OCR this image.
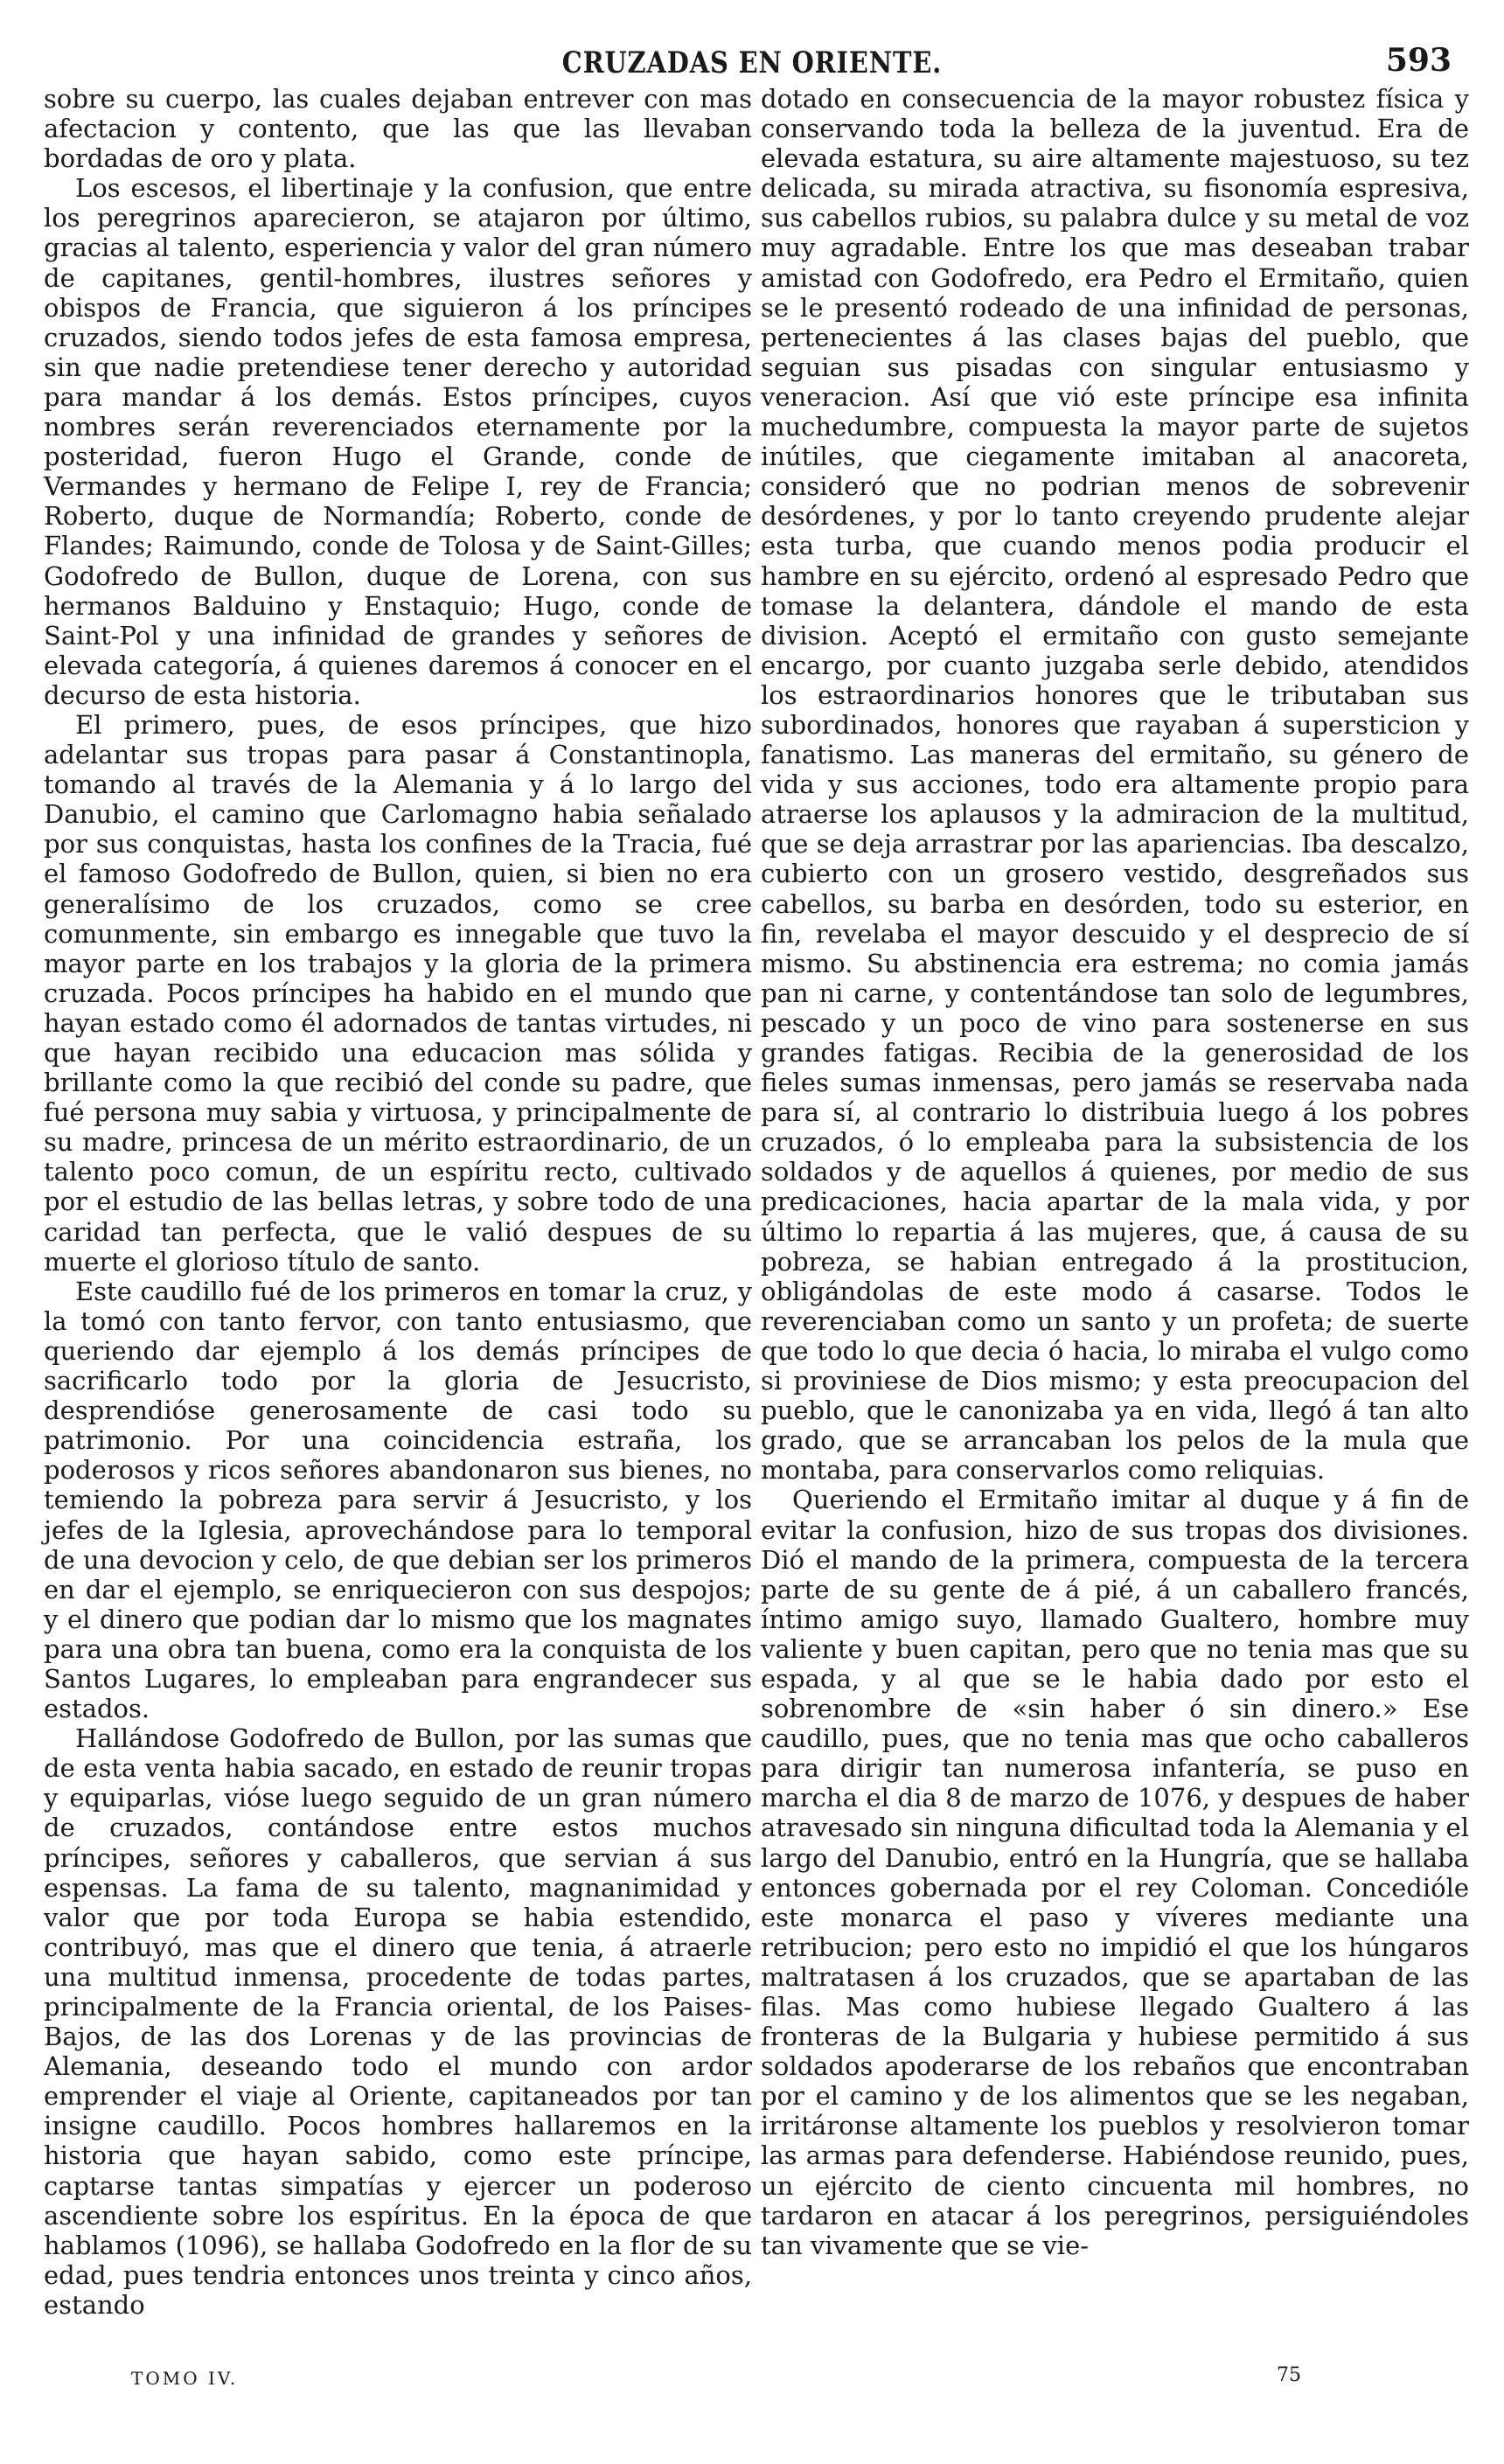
CRUZADAS EN ORIENTE.	593

sobre su cuerpo, las cuales dejaban entrever con mas afectacion y contento, que las que las llevaban bordadas de oro y plata.

Los escesos, el libertinaje y la confusion, que entre los peregrinos aparecieron, se atajaron por último, gracias al talento, esperiencia y valor del gran número de capitanes, gentil-hombres, ilustres señores y obispos de Francia, que siguieron á los príncipes cruzados, siendo todos jefes de esta famosa empresa, sin que nadie pretendiese tener derecho y autoridad para mandar á los demás. Estos príncipes, cuyos nombres serán reverenciados eternamente por la posteridad, fueron Hugo el Grande, conde de Vermandes y hermano de Felipe I, rey de Francia; Roberto, duque de Normandía; Roberto, conde de Flandes; Raimundo, conde de Tolosa y de Saint-Gilles; Godofredo de Bullon, duque de Lorena, con sus hermanos Balduino y Enstaquio; Hugo, conde de Saint-Pol y una infinidad de grandes y señores de elevada categoría, á quienes daremos á conocer en el decurso de esta historia.

El primero, pues, de esos príncipes, que hizo adelantar sus tropas para pasar á Constantinopla, tomando al través de la Alemania y á lo largo del Danubio, el camino que Carlomagno habia señalado por sus conquistas, hasta los confines de la Tracia, fué el famoso Godofredo de Bullon, quien, si bien no era generalísimo de los cruzados, como se cree comunmente, sin embargo es innegable que tuvo la mayor parte en los trabajos y la gloria de la primera cruzada. Pocos príncipes ha habido en el mundo que hayan estado como él adornados de tantas virtudes, ni que hayan recibido una educacion mas sólida y brillante como la que recibió del conde su padre, que fué persona muy sabia y virtuosa, y principalmente de su madre, princesa de un mérito estraordinario, de un talento poco comun, de un espíritu recto, cultivado por el estudio de las bellas letras, y sobre todo de una caridad tan perfecta, que le valió despues de su muerte el glorioso título de santo.

Este caudillo fué de los primeros en tomar la cruz, y la tomó con tanto fervor, con tanto entusiasmo, que queriendo dar ejemplo á los demás príncipes de sacrificarlo todo por la gloria de Jesucristo, desprendióse generosamente de casi todo su patrimonio. Por una coincidencia estraña, los poderosos y ricos señores abandonaron sus bienes, no temiendo la pobreza para servir á Jesucristo, y los jefes de la Iglesia, aprovechándose para lo temporal de una devocion y celo, de que debian ser los primeros en dar el ejemplo, se enriquecieron con sus despojos; y el dinero que podian dar lo mismo que los magnates para una obra tan buena, como era la conquista de los Santos Lugares, lo empleaban para engrandecer sus estados.

Hallándose Godofredo de Bullon, por las sumas que de esta venta habia sacado, en estado de reunir tropas y equiparlas, vióse luego seguido de un gran número de cruzados, contándose entre estos muchos príncipes, señores y caballeros, que servian á sus espensas. La fama de su talento, magnanimidad y valor que por toda Europa se habia estendido, contribuyó, mas que el dinero que tenia, á atraerle una multitud inmensa, procedente de todas partes, principalmente de la Francia oriental, de los Paises-Bajos, de las dos Lorenas y de las provincias de Alemania, deseando todo el mundo con ardor emprender el viaje al Oriente, capitaneados por tan insigne caudillo. Pocos hombres hallaremos en la historia que hayan sabido, como este príncipe, captarse tantas simpatías y ejercer un poderoso ascendiente sobre los espíritus. En la época de que hablamos (1096), se hallaba Godofredo en la flor de su edad, pues tendria entonces unos treinta y cinco años, estando

dotado en consecuencia de la mayor robustez física y conservando toda la belleza de la juventud. Era de elevada estatura, su aire altamente majestuoso, su tez delicada, su mirada atractiva, su fisonomía espresiva, sus cabellos rubios, su palabra dulce y su metal de voz muy agradable. Entre los que mas deseaban trabar amistad con Godofredo, era Pedro el Ermitaño, quien se le presentó rodeado de una infinidad de personas, pertenecientes á las clases bajas del pueblo, que seguian sus pisadas con singular entusiasmo y veneracion. Así que vió este príncipe esa infinita muchedumbre, compuesta la mayor parte de sujetos inútiles, que ciegamente imitaban al anacoreta, consideró que no podrian menos de sobrevenir desórdenes, y por lo tanto creyendo prudente alejar esta turba, que cuando menos podia producir el hambre en su ejército, ordenó al espresado Pedro que tomase la delantera, dándole el mando de esta division. Aceptó el ermitaño con gusto semejante encargo, por cuanto juzgaba serle debido, atendidos los estraordinarios honores que le tributaban sus subordinados, honores que rayaban á supersticion y fanatismo. Las maneras del ermitaño, su género de vida y sus acciones, todo era altamente propio para atraerse los aplausos y la admiracion de la multitud, que se deja arrastrar por las apariencias. Iba descalzo, cubierto con un grosero vestido, desgreñados sus cabellos, su barba en desórden, todo su esterior, en fin, revelaba el mayor descuido y el desprecio de sí mismo. Su abstinencia era estrema; no comia jamás pan ni carne, y contentándose tan solo de legumbres, pescado y un poco de vino para sostenerse en sus grandes fatigas. Recibia de la generosidad de los fieles sumas inmensas, pero jamás se reservaba nada para sí, al contrario lo distribuia luego á los pobres cruzados, ó lo empleaba para la subsistencia de los soldados y de aquellos á quienes, por medio de sus predicaciones, hacia apartar de la mala vida, y por último lo repartia á las mujeres, que, á causa de su pobreza, se habian entregado á la prostitucion, obligándolas de este modo á casarse. Todos le reverenciaban como un santo y un profeta; de suerte que todo lo que decia ó hacia, lo miraba el vulgo como si proviniese de Dios mismo; y esta preocupacion del pueblo, que le canonizaba ya en vida, llegó á tan alto grado, que se arrancaban los pelos de la mula que montaba, para conservarlos como reliquias.

Queriendo el Ermitaño imitar al duque y á fin de evitar la confusion, hizo de sus tropas dos divisiones. Dió el mando de la primera, compuesta de la tercera parte de su gente de á pié, á un caballero francés, íntimo amigo suyo, llamado Gualtero, hombre muy valiente y buen capitan, pero que no tenia mas que su espada, y al que se le habia dado por esto el sobrenombre de «sin haber ó sin dinero.» Ese caudillo, pues, que no tenia mas que ocho caballeros para dirigir tan numerosa infantería, se puso en marcha el dia 8 de marzo de 1076, y despues de haber atravesado sin ninguna dificultad toda la Alemania y el largo del Danubio, entró en la Hungría, que se hallaba entonces gobernada por el rey Coloman. Concedióle este monarca el paso y víveres mediante una retribucion; pero esto no impidió el que los húngaros maltratasen á los cruzados, que se apartaban de las filas. Mas como hubiese llegado Gualtero á las fronteras de la Bulgaria y hubiese permitido á sus soldados apoderarse de los rebaños que encontraban por el camino y de los alimentos que se les negaban, irritáronse altamente los pueblos y resolvieron tomar las armas para defenderse. Habiéndose reunido, pues, un ejército de ciento cincuenta mil hombres, no tardaron en atacar á los peregrinos, persiguiéndoles tan vivamente que se vie-

TOMO IV.	75
